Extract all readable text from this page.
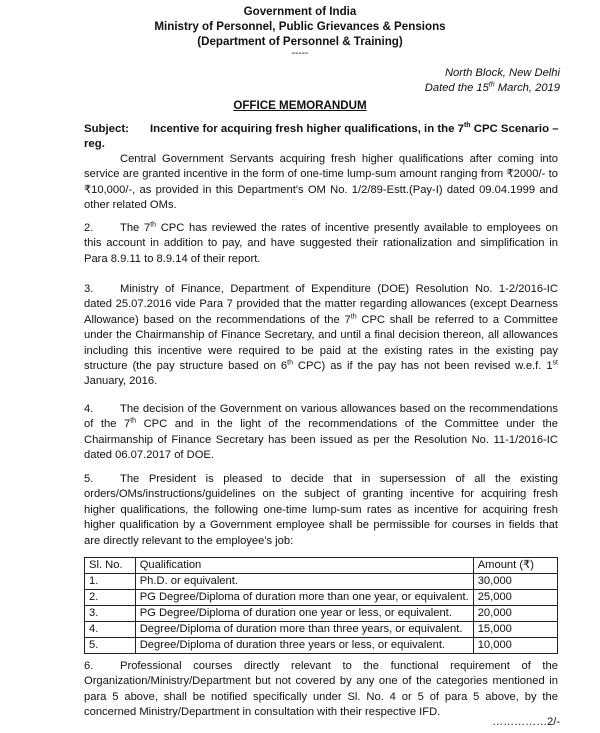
Government of India
Ministry of Personnel, Public Grievances & Pensions
(Department of Personnel & Training)
-----
North Block, New Delhi
Dated the 15th March, 2019
OFFICE MEMORANDUM
Subject: Incentive for acquiring fresh higher qualifications, in the 7th CPC Scenario – reg.
Central Government Servants acquiring fresh higher qualifications after coming into service are granted incentive in the form of one-time lump-sum amount ranging from ₹2000/- to ₹10,000/-, as provided in this Department's OM No. 1/2/89-Estt.(Pay-I) dated 09.04.1999 and other related OMs.
2. The 7th CPC has reviewed the rates of incentive presently available to employees on this account in addition to pay, and have suggested their rationalization and simplification in Para 8.9.11 to 8.9.14 of their report.
3. Ministry of Finance, Department of Expenditure (DOE) Resolution No. 1-2/2016-IC dated 25.07.2016 vide Para 7 provided that the matter regarding allowances (except Dearness Allowance) based on the recommendations of the 7th CPC shall be referred to a Committee under the Chairmanship of Finance Secretary, and until a final decision thereon, all allowances including this incentive were required to be paid at the existing rates in the existing pay structure (the pay structure based on 6th CPC) as if the pay has not been revised w.e.f. 1st January, 2016.
4. The decision of the Government on various allowances based on the recommendations of the 7th CPC and in the light of the recommendations of the Committee under the Chairmanship of Finance Secretary has been issued as per the Resolution No. 11-1/2016-IC dated 06.07.2017 of DOE.
5. The President is pleased to decide that in supersession of all the existing orders/OMs/instructions/guidelines on the subject of granting incentive for acquiring fresh higher qualifications, the following one-time lump-sum rates as incentive for acquiring fresh higher qualification by a Government employee shall be permissible for courses in fields that are directly relevant to the employee's job:
Sl. No.	Qualification	Amount (₹)
1.	Ph.D. or equivalent.	30,000
2.	PG Degree/Diploma of duration more than one year, or equivalent.	25,000
3.	PG Degree/Diploma of duration one year or less, or equivalent.	20,000
4.	Degree/Diploma of duration more than three years, or equivalent.	15,000
5.	Degree/Diploma of duration three years or less, or equivalent.	10,000
6. Professional courses directly relevant to the functional requirement of the Organization/Ministry/Department but not covered by any one of the categories mentioned in para 5 above, shall be notified specifically under Sl. No. 4 or 5 of para 5 above, by the concerned Ministry/Department in consultation with their respective IFD.
……………2/-
